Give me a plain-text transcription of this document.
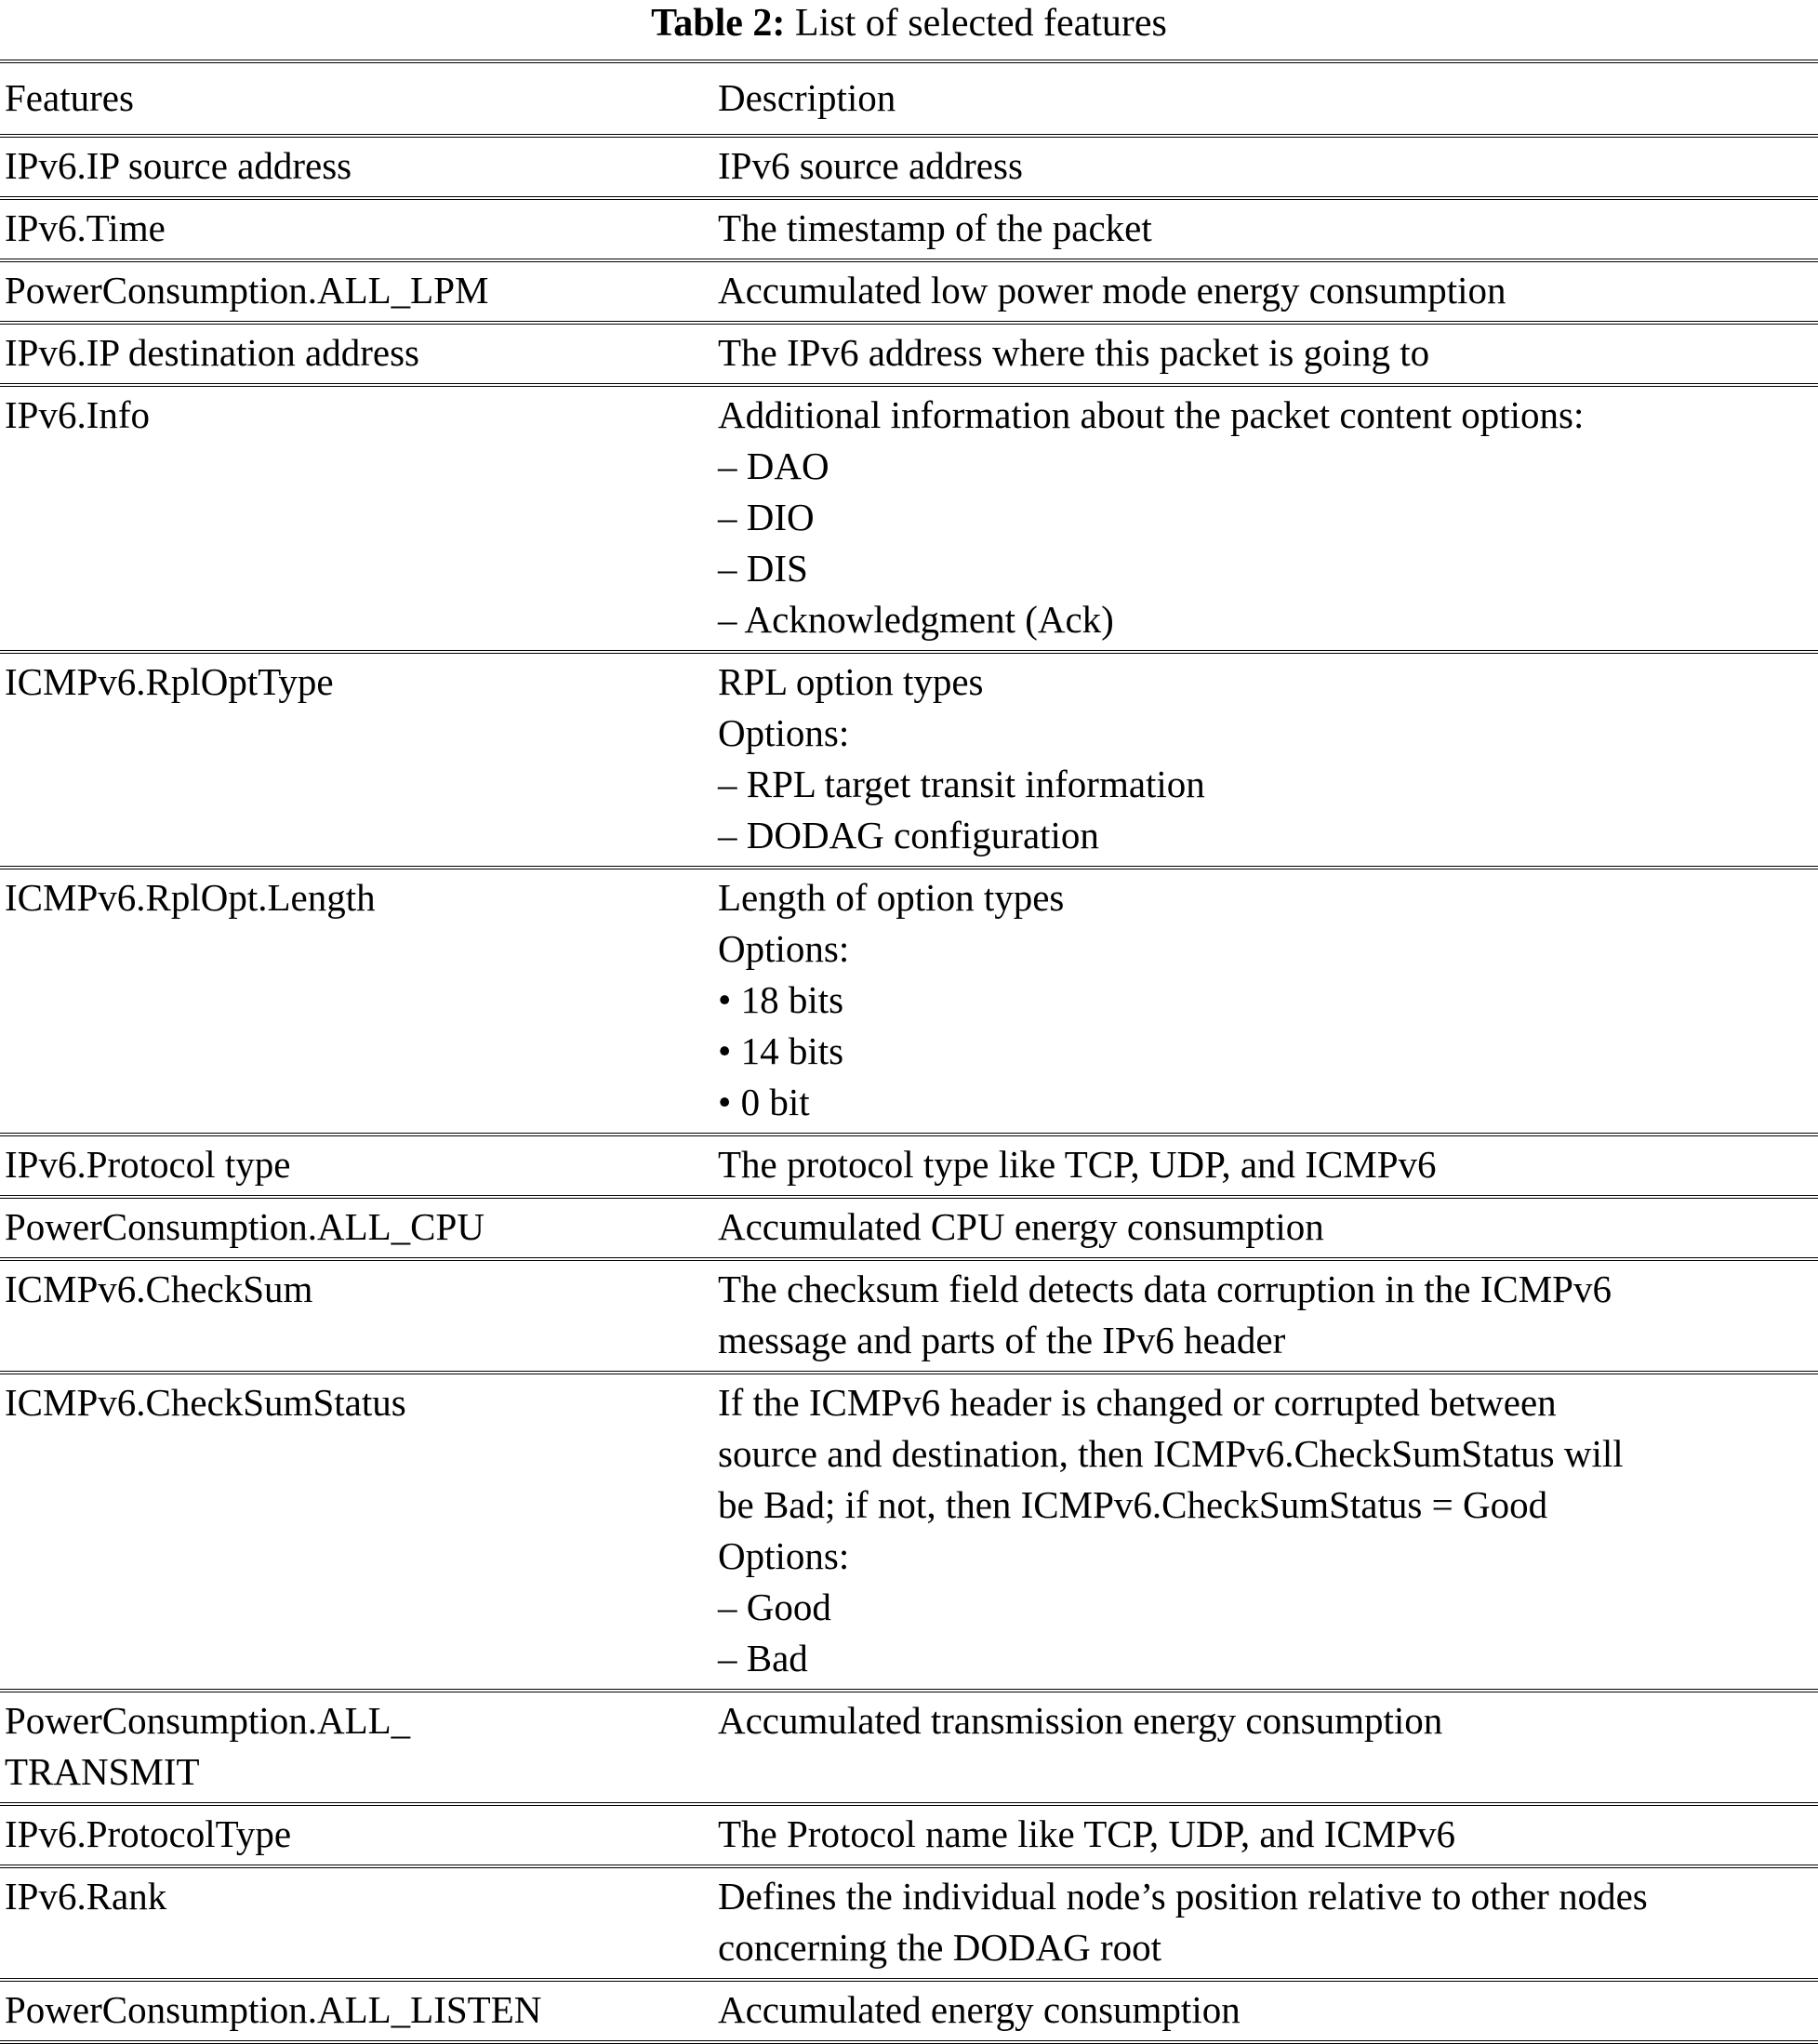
Table 2: List of selected features
Features	Description

IPv6.IP source address	IPv6 source address

IPv6.Time	The timestamp of the packet

PowerConsumption.ALL_LPM	Accumulated low power mode energy consumption

IPv6.IP destination address	The IPv6 address where this packet is going to

IPv6.Info	Additional information about the packet content options:
– DAO
– DIO
– DIS
– Acknowledgment (Ack)

ICMPv6.RplOptType	RPL option types
Options:
– RPL target transit information
– DODAG configuration

ICMPv6.RplOpt.Length	Length of option types
Options:
• 18 bits
• 14 bits
• 0 bit

IPv6.Protocol type	The protocol type like TCP, UDP, and ICMPv6

PowerConsumption.ALL_CPU	Accumulated CPU energy consumption

ICMPv6.CheckSum	The checksum field detects data corruption in the ICMPv6
message and parts of the IPv6 header

ICMPv6.CheckSumStatus	If the ICMPv6 header is changed or corrupted between
source and destination, then ICMPv6.CheckSumStatus will
be Bad; if not, then ICMPv6.CheckSumStatus = Good
Options:
– Good
– Bad

PowerConsumption.ALL_
TRANSMIT	Accumulated transmission energy consumption

IPv6.ProtocolType	The Protocol name like TCP, UDP, and ICMPv6

IPv6.Rank	Defines the individual node’s position relative to other nodes
concerning the DODAG root

PowerConsumption.ALL_LISTEN	Accumulated energy consumption
